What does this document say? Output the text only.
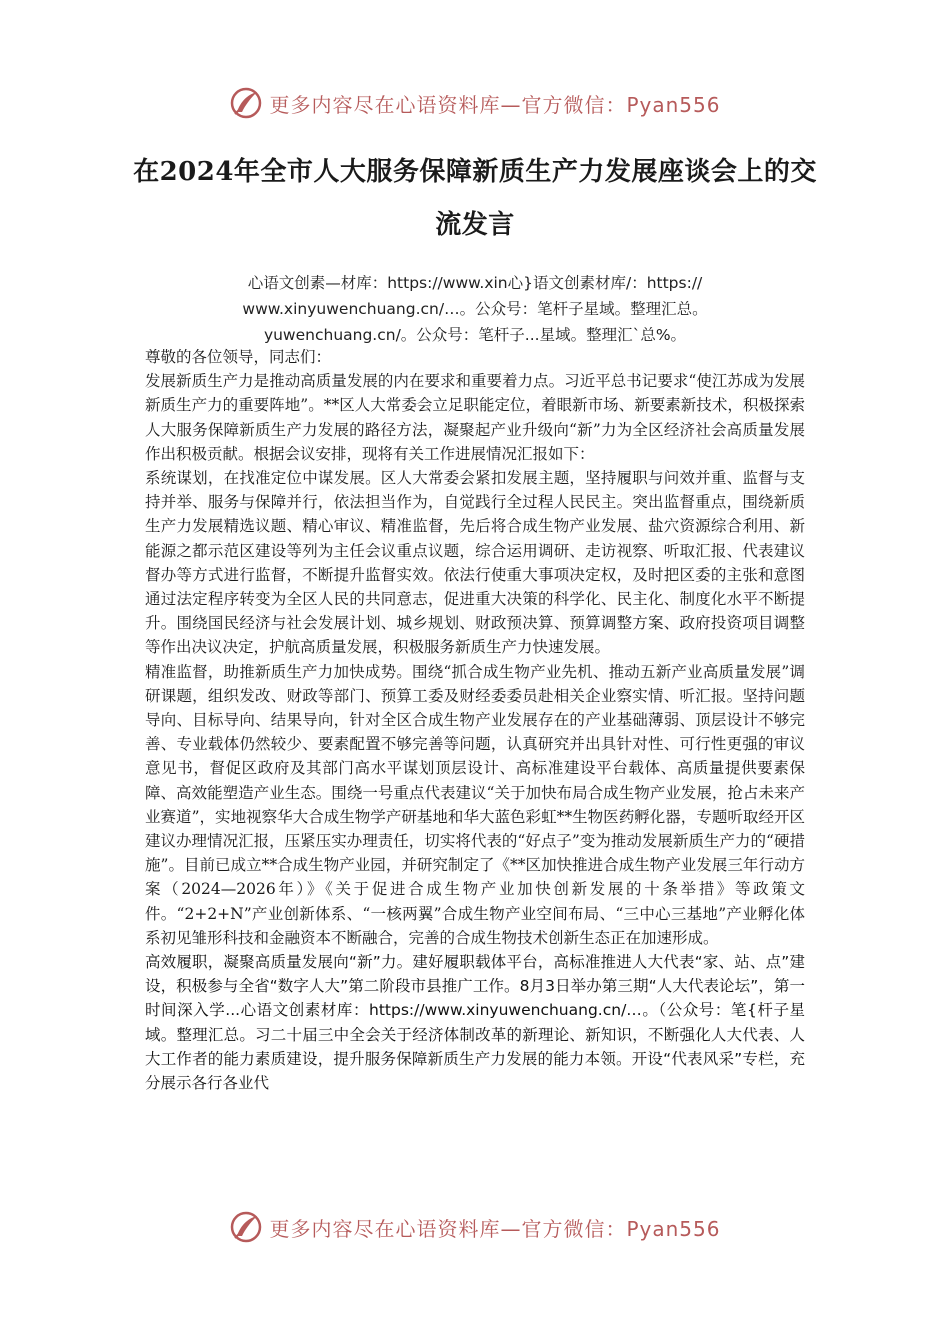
更多内容尽在心语资料库—官方微信：Pyan556
在2024年全市人大服务保障新质生产力发展座谈会上的交流发言
心语文创素—材库：https://www.xin心}语文创素材库/：https://
www.xinyuwenchuang.cn/…。公众号：笔杆子星域。整理汇总。
yuwenchuang.cn/。公众号：笔杆子...星域。整理汇`总%。

尊敬的各位领导，同志们：

发展新质生产力是推动高质量发展的内在要求和重要着力点。习近平总书记要求“使江苏成为发展新质生产力的重要阵地”。**区人大常委会立足职能定位，着眼新市场、新要素新技术，积极探索人大服务保障新质生产力发展的路径方法，凝聚起产业升级向“新”力为全区经济社会高质量发展作出积极贡献。根据会议安排，现将有关工作进展情况汇报如下：

系统谋划，在找准定位中谋发展。区人大常委会紧扣发展主题，坚持履职与问效并重、监督与支持并举、服务与保障并行，依法担当作为，自觉践行全过程人民民主。突出监督重点，围绕新质生产力发展精选议题、精心审议、精准监督，先后将合成生物产业发展、盐穴资源综合利用、新能源之都示范区建设等列为主任会议重点议题，综合运用调研、走访视察、听取汇报、代表建议督办等方式进行监督，不断提升监督实效。依法行使重大事项决定权，及时把区委的主张和意图通过法定程序转变为全区人民的共同意志，促进重大决策的科学化、民主化、制度化水平不断提升。围绕国民经济与社会发展计划、城乡规划、财政预决算、预算调整方案、政府投资项目调整等作出决议决定，护航高质量发展，积极服务新质生产力快速发展。

精准监督，助推新质生产力加快成势。围绕“抓合成生物产业先机、推动五新产业高质量发展”调研课题，组织发改、财政等部门、预算工委及财经委委员赴相关企业察实情、听汇报。坚持问题导向、目标导向、结果导向，针对全区合成生物产业发展存在的产业基础薄弱、顶层设计不够完善、专业载体仍然较少、要素配置不够完善等问题，认真研究并出具针对性、可行性更强的审议意见书，督促区政府及其部门高水平谋划顶层设计、高标准建设平台载体、高质量提供要素保障、高效能塑造产业生态。围绕一号重点代表建议“关于加快布局合成生物产业发展，抢占未来产业赛道”，实地视察华大合成生物学产研基地和华大蓝色彩虹**生物医药孵化器，专题听取经开区建议办理情况汇报，压紧压实办理责任，切实将代表的“好点子”变为推动发展新质生产力的“硬措施”。目前已成立**合成生物产业园，并研究制定了《**区加快推进合成生物产业发展三年行动方案（2024—2026年）》《关于促进合成生物产业加快创新发展的十条举措》等政策文件。“2+2+N”产业创新体系、“一核两翼”合成生物产业空间布局、“三中心三基地”产业孵化体系初见雏形科技和金融资本不断融合，完善的合成生物技术创新生态正在加速形成。

高效履职，凝聚高质量发展向“新”力。建好履职载体平台，高标准推进人大代表“家、站、点”建设，积极参与全省“数字人大”第二阶段市县推广工作。8月3日举办第三期“人大代表论坛”，第一时间深入学...心语文创素材库：https://www.xinyuwenchuang.cn/…。（公众号：笔{杆子星域。整理汇总。习二十届三中全会关于经济体制改革的新理论、新知识，不断强化人大代表、人大工作者的能力素质建设，提升服务保障新质生产力发展的能力本领。开设“代表风采”专栏，充分展示各行各业代

更多内容尽在心语资料库—官方微信：Pyan556
